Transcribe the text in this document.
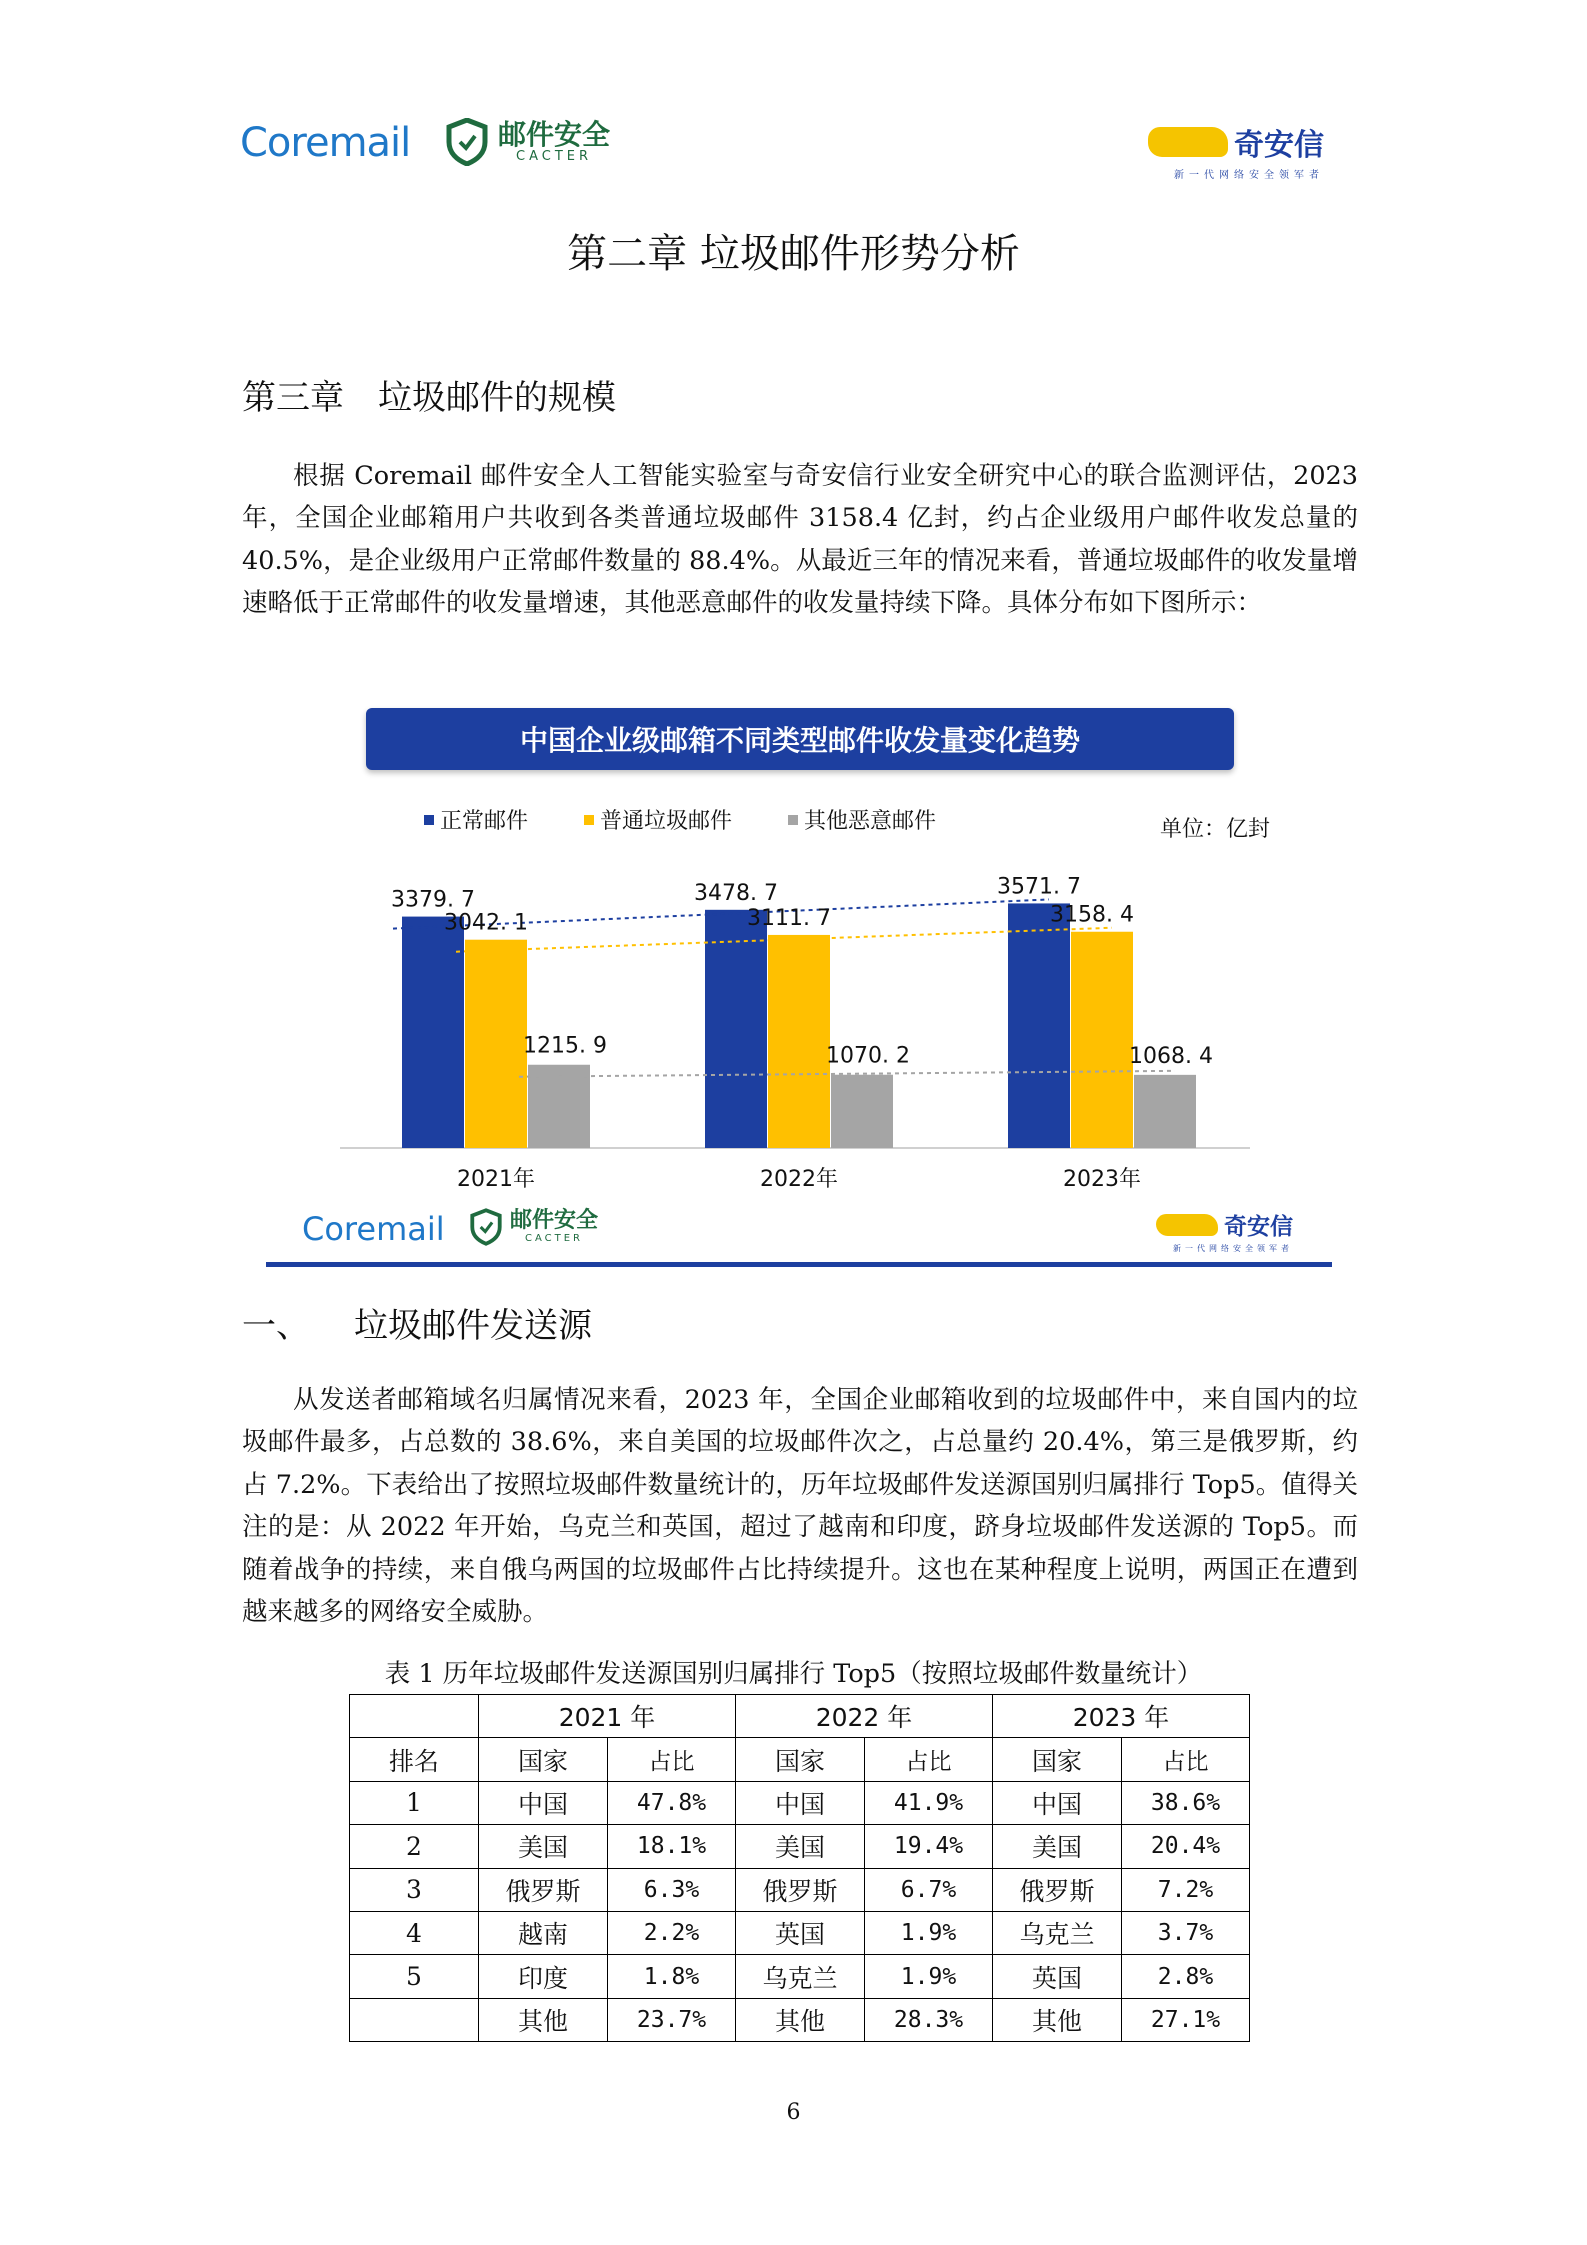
Coremail	邮件安全
CACTER	奇安信
新一代网络安全领军者
第二章 垃圾邮件形势分析
第三章　垃圾邮件的规模
根据 Coremail 邮件安全人工智能实验室与奇安信行业安全研究中心的联合监测评估，2023 年，全国企业邮箱用户共收到各类普通垃圾邮件 3158.4 亿封，约占企业级用户邮件收发总量的 40.5%，是企业级用户正常邮件数量的 88.4%。从最近三年的情况来看，普通垃圾邮件的收发量增速略低于正常邮件的收发量增速，其他恶意邮件的收发量持续下降。具体分布如下图所示：
中国企业级邮箱不同类型邮件收发量变化趋势
正常邮件	普通垃圾邮件	其他恶意邮件	单位：亿封
3379. 7
3042. 1
1215. 9
2021年
3478. 7
3111. 7
1070. 2
2022年
3571. 7
3158. 4
1068. 4
2023年
Coremail	邮件安全
CACTER	奇安信
新一代网络安全领军者
一、	垃圾邮件发送源
从发送者邮箱域名归属情况来看，2023 年，全国企业邮箱收到的垃圾邮件中，来自国内的垃圾邮件最多，占总数的 38.6%，来自美国的垃圾邮件次之，占总量约 20.4%，第三是俄罗斯，约占 7.2%。下表给出了按照垃圾邮件数量统计的，历年垃圾邮件发送源国别归属排行 Top5。值得关注的是：从 2022 年开始，乌克兰和英国，超过了越南和印度，跻身垃圾邮件发送源的 Top5。而随着战争的持续，来自俄乌两国的垃圾邮件占比持续提升。这也在某种程度上说明，两国正在遭到越来越多的网络安全威胁。
表 1 历年垃圾邮件发送源国别归属排行 Top5（按照垃圾邮件数量统计）
	2021 年		2022 年		2023 年	
排名	国家	占比	国家	占比	国家	占比
1	中国	47.8%	中国	41.9%	中国	38.6%
2	美国	18.1%	美国	19.4%	美国	20.4%
3	俄罗斯	6.3%	俄罗斯	6.7%	俄罗斯	7.2%
4	越南	2.2%	英国	1.9%	乌克兰	3.7%
5	印度	1.8%	乌克兰	1.9%	英国	2.8%
	其他	23.7%	其他	28.3%	其他	27.1%
6
